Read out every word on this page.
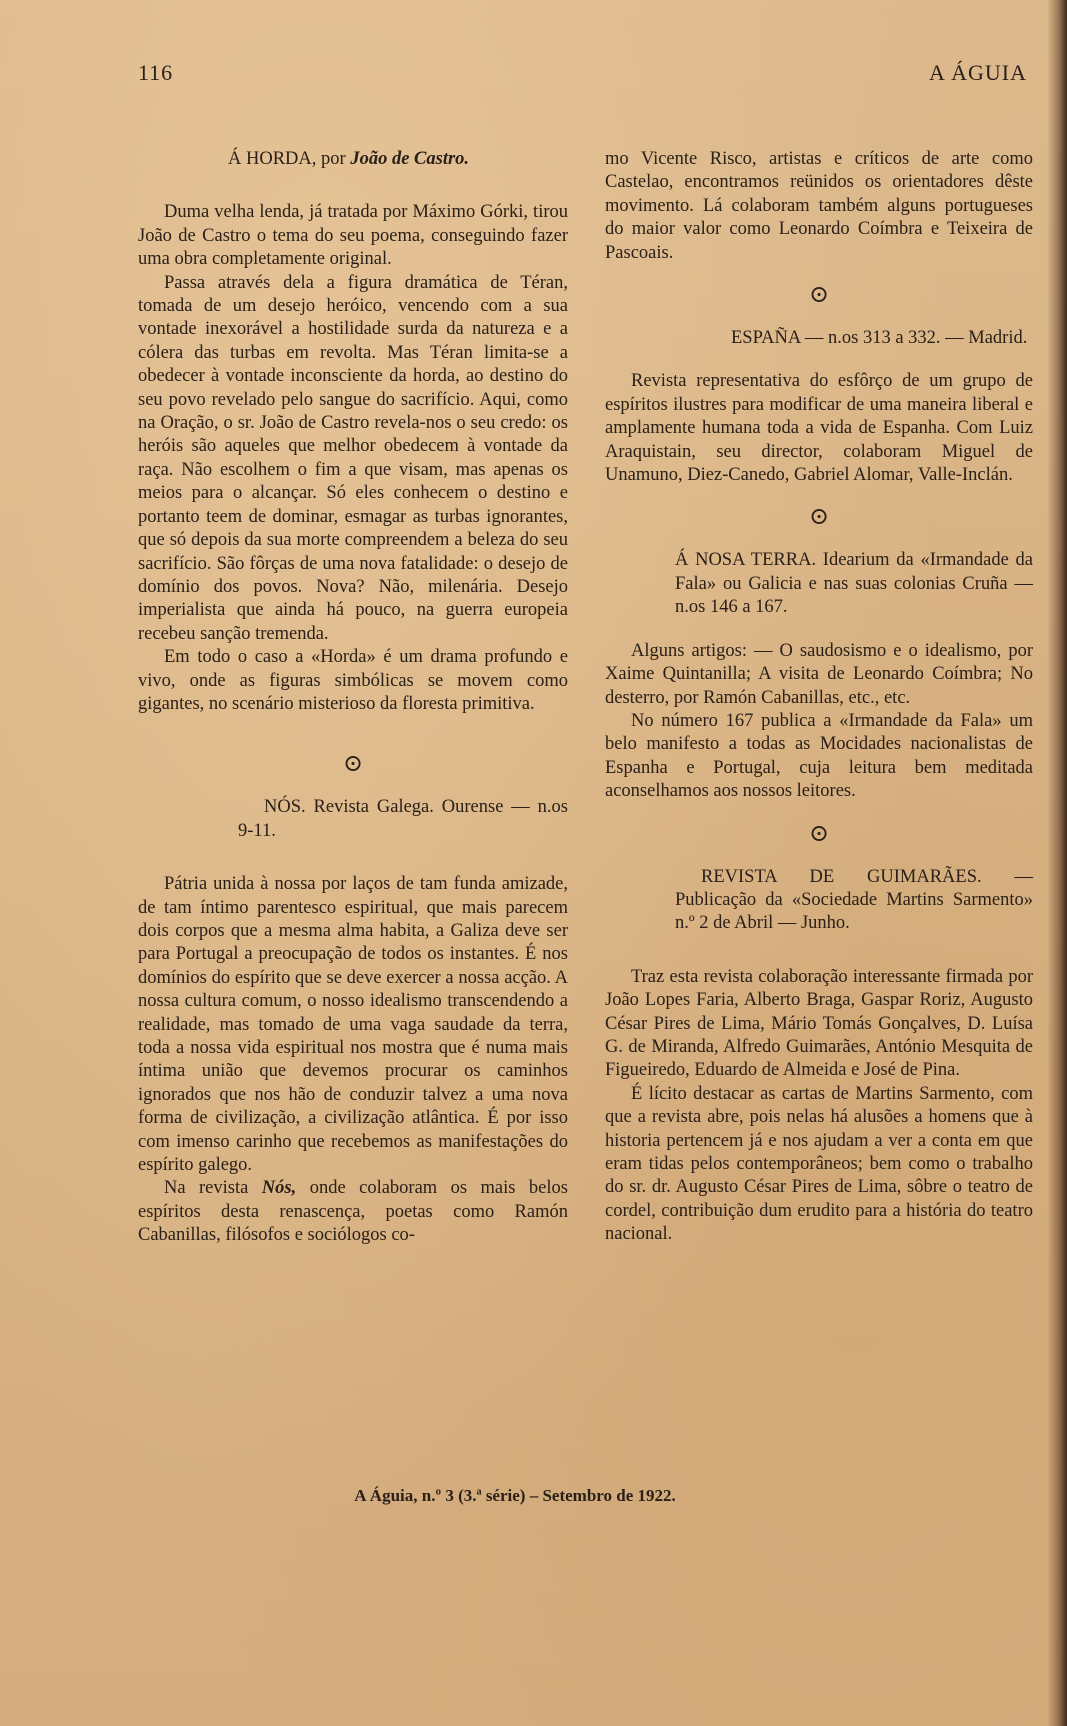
116	A ÁGUIA

Á HORDA, por João de Castro.

Duma velha lenda, já tratada por Máximo Górki, tirou João de Castro o tema do seu poema, conseguindo fazer uma obra completamente original.

Passa através dela a figura dramática de Téran, tomada de um desejo heróico, vencendo com a sua vontade inexorável a hostilidade surda da natureza e a cólera das turbas em revolta. Mas Téran limita-se a obedecer à vontade inconsciente da horda, ao destino do seu povo revelado pelo sangue do sacrifício. Aqui, como na Oração, o sr. João de Castro revela-nos o seu credo: os heróis são aqueles que melhor obedecem à vontade da raça. Não escolhem o fim a que visam, mas apenas os meios para o alcançar. Só eles conhecem o destino e portanto teem de dominar, esmagar as turbas ignorantes, que só depois da sua morte compreendem a beleza do seu sacrifício. São fôrças de uma nova fatalidade: o desejo de domínio dos povos. Nova? Não, milenária. Desejo imperialista que ainda há pouco, na guerra europeia recebeu sanção tremenda.

Em todo o caso a «Horda» é um drama profundo e vivo, onde as figuras simbólicas se movem como gigantes, no scenário misterioso da floresta primitiva.

⊙

NÓS. Revista Galega. Ourense — n.os 9-11.

Pátria unida à nossa por laços de tam funda amizade, de tam íntimo parentesco espiritual, que mais parecem dois corpos que a mesma alma habita, a Galiza deve ser para Portugal a preocupação de todos os instantes. É nos domínios do espírito que se deve exercer a nossa acção. A nossa cultura comum, o nosso idealismo transcendendo a realidade, mas tomado de uma vaga saudade da terra, toda a nossa vida espiritual nos mostra que é numa mais íntima união que devemos procurar os caminhos ignorados que nos hão de conduzir talvez a uma nova forma de civilização, a civilização atlântica. É por isso com imenso carinho que recebemos as manifestações do espírito galego.

Na revista Nós, onde colaboram os mais belos espíritos desta renascença, poetas como Ramón Cabanillas, filósofos e sociólogos co-

mo Vicente Risco, artistas e críticos de arte como Castelao, encontramos reünidos os orientadores dêste movimento. Lá colaboram também alguns portugueses do maior valor como Leonardo Coímbra e Teixeira de Pascoais.

⊙

ESPAÑA — n.os 313 a 332. — Madrid.

Revista representativa do esfôrço de um grupo de espíritos ilustres para modificar de uma maneira liberal e amplamente humana toda a vida de Espanha. Com Luiz Araquistain, seu director, colaboram Miguel de Unamuno, Diez-Canedo, Gabriel Alomar, Valle-Inclán.

⊙

Á NOSA TERRA. Idearium da «Irmandade da Fala» ou Galicia e nas suas colonias Cruña — n.os 146 a 167.

Alguns artigos: — O saudosismo e o idealismo, por Xaime Quintanilla; A visita de Leonardo Coímbra; No desterro, por Ramón Cabanillas, etc., etc.

No número 167 publica a «Irmandade da Fala» um belo manifesto a todas as Mocidades nacionalistas de Espanha e Portugal, cuja leitura bem meditada aconselhamos aos nossos leitores.

⊙

REVISTA DE GUIMARÃES. — Publicação da «Sociedade Martins Sarmento» n.º 2 de Abril — Junho.

Traz esta revista colaboração interessante firmada por João Lopes Faria, Alberto Braga, Gaspar Roriz, Augusto César Pires de Lima, Mário Tomás Gonçalves, D. Luísa G. de Miranda, Alfredo Guimarães, António Mesquita de Figueiredo, Eduardo de Almeida e José de Pina.

É lícito destacar as cartas de Martins Sarmento, com que a revista abre, pois nelas há alusões a homens que à historia pertencem já e nos ajudam a ver a conta em que eram tidas pelos contemporâneos; bem como o trabalho do sr. dr. Augusto César Pires de Lima, sôbre o teatro de cordel, contribuição dum erudito para a história do teatro nacional.

A Águia, n.º 3 (3.ª série) – Setembro de 1922.
